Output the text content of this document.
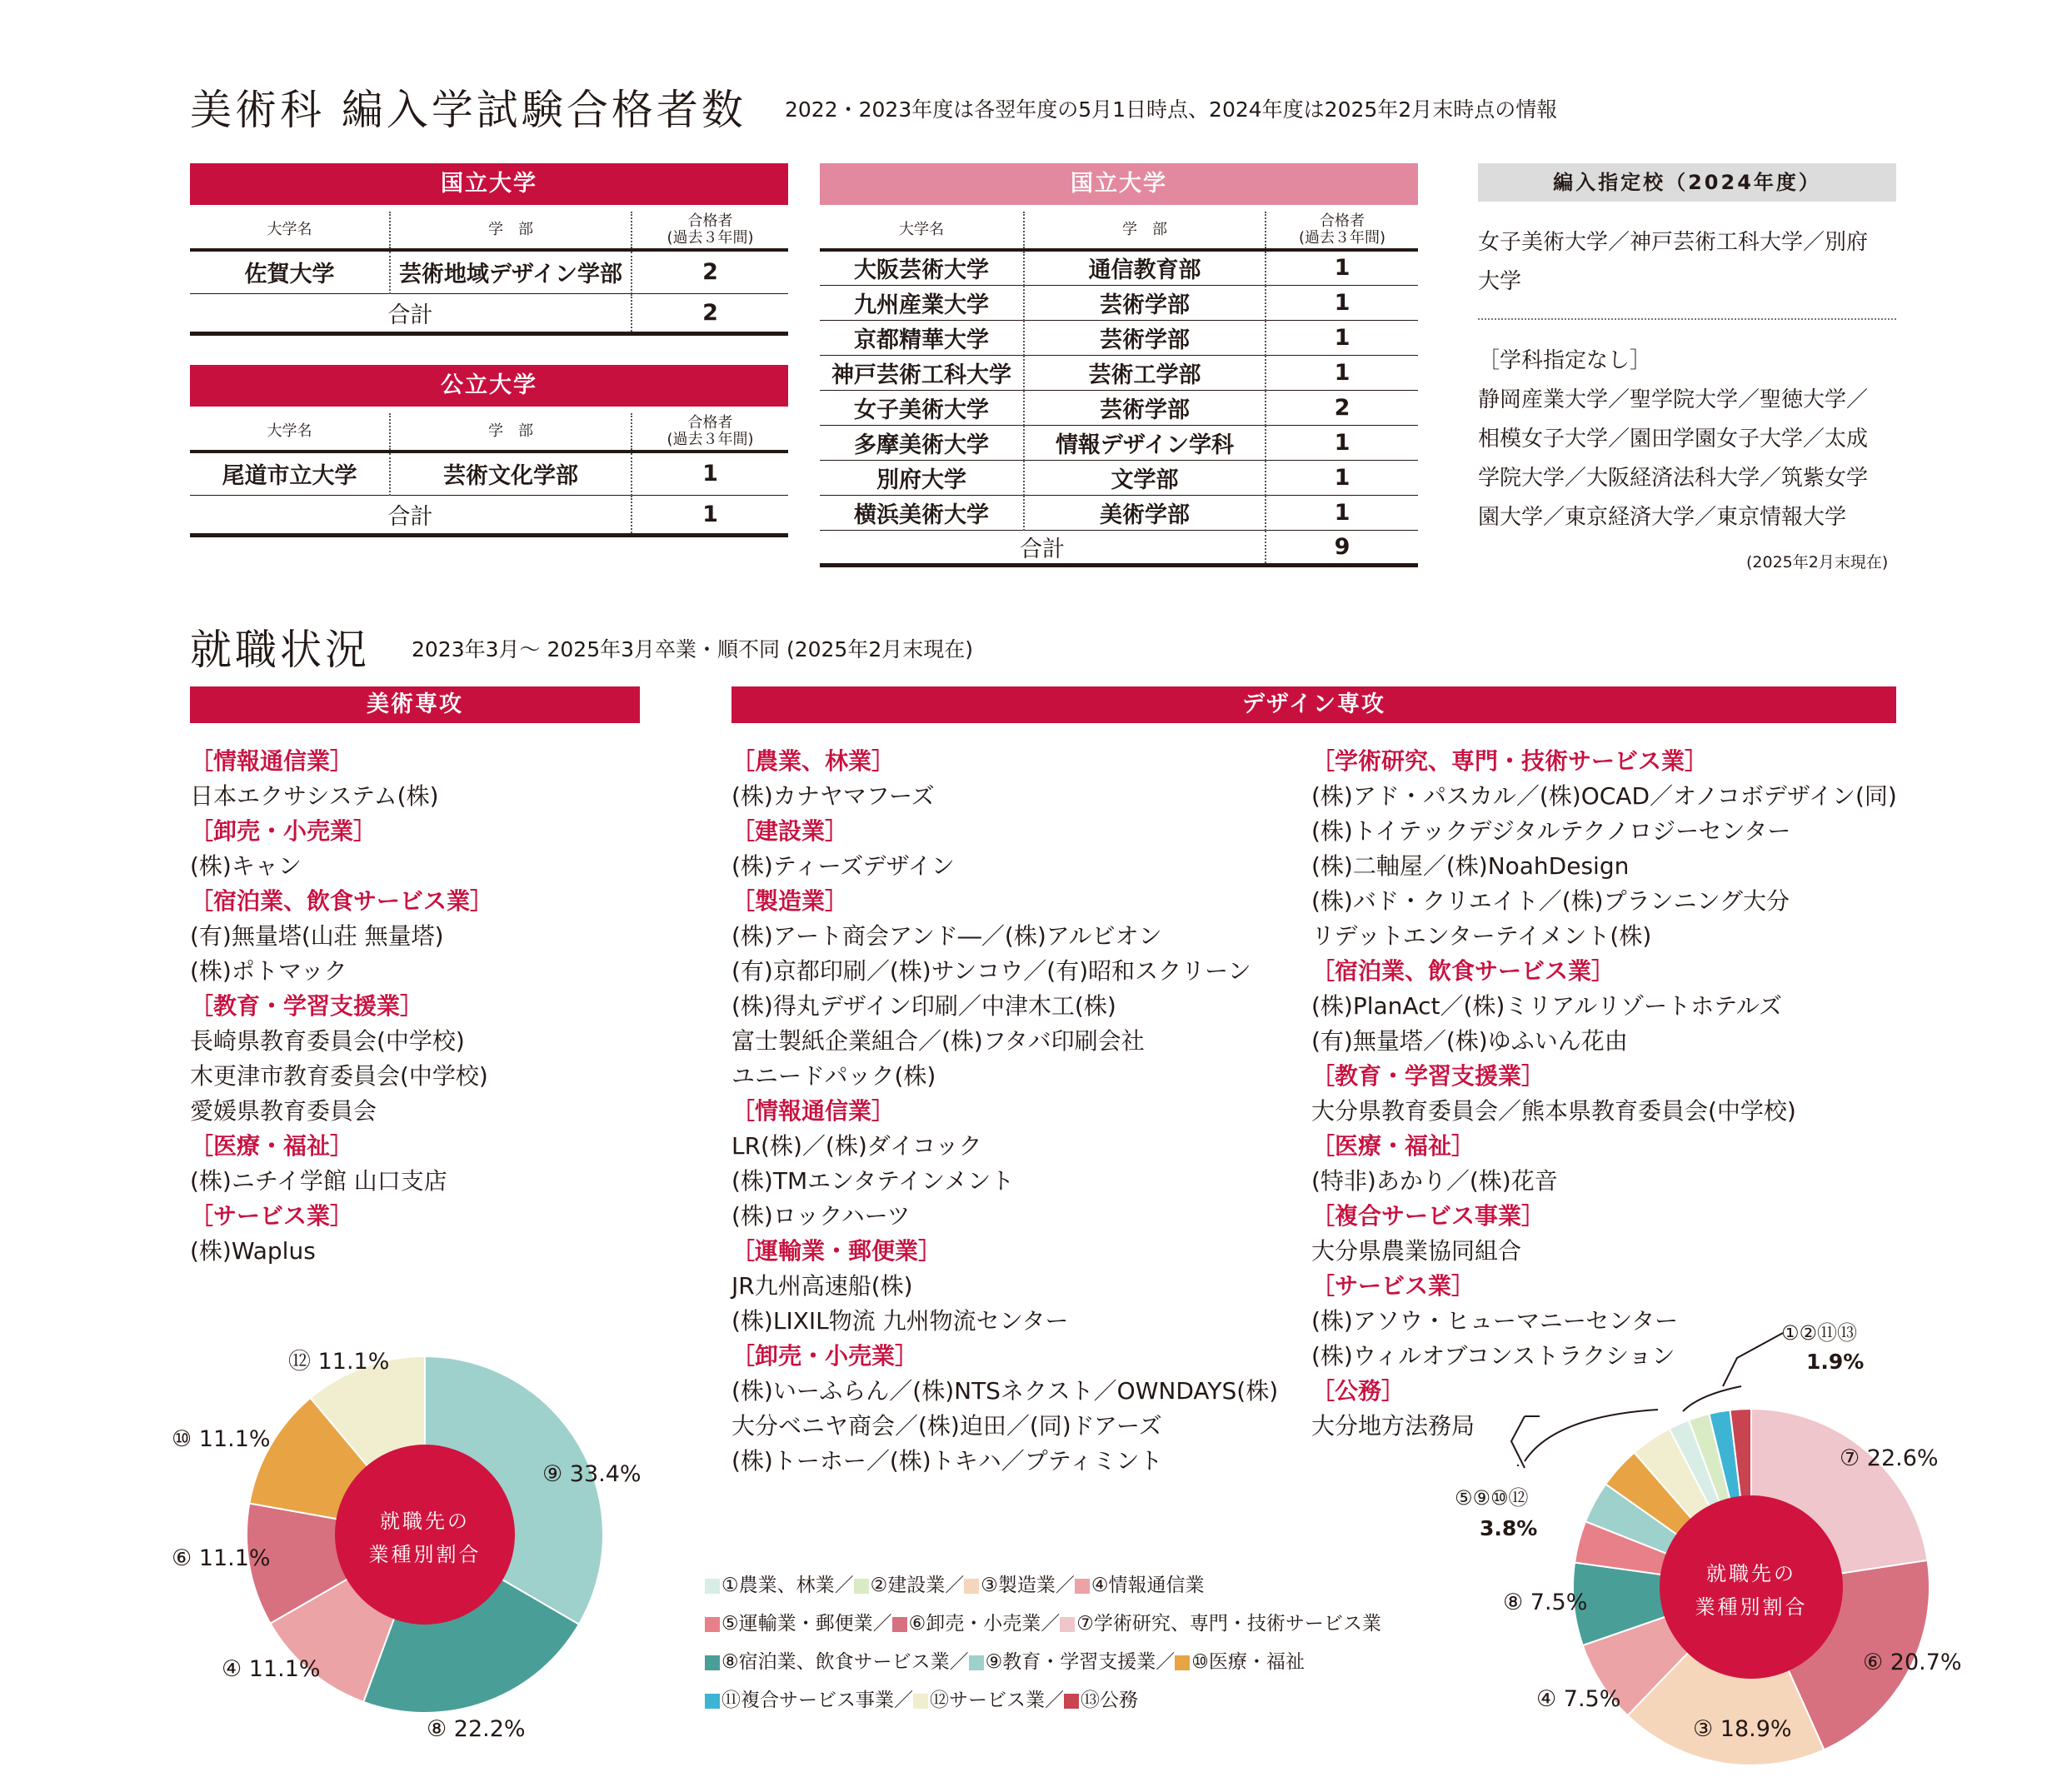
美術科 編入学試験合格者数 2022・2023年度は各翌年度の5月1日時点、2024年度は2025年2月末時点の情報
国立大学
大学名	学　部	合格者
(過去３年間)
佐賀大学	芸術地域デザイン学部	2
合計		2
公立大学
大学名	学　部	合格者
(過去３年間)
尾道市立大学	芸術文化学部	1
合計		1
国立大学
大学名	学　部	合格者
(過去３年間)
大阪芸術大学	通信教育部	1
九州産業大学	芸術学部	1
京都精華大学	芸術学部	1
神戸芸術工科大学	芸術工学部	1
女子美術大学	芸術学部	2
多摩美術大学	情報デザイン学科	1
別府大学	文学部	1
横浜美術大学	美術学部	1
合計		9
編入指定校（2024年度）
女子美術大学／神戸芸術工科大学／別府
大学
［学科指定なし］
静岡産業大学／聖学院大学／聖徳大学／
相模女子大学／園田学園女子大学／太成
学院大学／大阪経済法科大学／筑紫女学
園大学／東京経済大学／東京情報大学
(2025年2月末現在)
就職状況 2023年3月〜 2025年3月卒業・順不同 (2025年2月末現在)
美術専攻	デザイン専攻
［情報通信業］
日本エクサシステム(株)
［卸売・小売業］
(株)キャン
［宿泊業、飲食サービス業］
(有)無量塔(山荘 無量塔)
(株)ポトマック
［教育・学習支援業］
長崎県教育委員会(中学校)
木更津市教育委員会(中学校)
愛媛県教育委員会
［医療・福祉］
(株)ニチイ学館 山口支店
［サービス業］
(株)Waplus
［農業、林業］
(株)カナヤマフーズ
［建設業］
(株)ティーズデザイン
［製造業］
(株)アート商会アンド―／(株)アルビオン
(有)京都印刷／(株)サンコウ／(有)昭和スクリーン
(株)得丸デザイン印刷／中津木工(株)
富士製紙企業組合／(株)フタバ印刷会社
ユニードパック(株)
［情報通信業］
LR(株)／(株)ダイコック
(株)TMエンタテインメント
(株)ロックハーツ
［運輸業・郵便業］
JR九州高速船(株)
(株)LIXIL物流 九州物流センター
［卸売・小売業］
(株)いーふらん／(株)NTSネクスト／OWNDAYS(株)
大分ベニヤ商会／(株)迫田／(同)ドアーズ
(株)トーホー／(株)トキハ／プティミント
［学術研究、専門・技術サービス業］
(株)アド・パスカル／(株)OCAD／オノコボデザイン(同)
(株)トイテックデジタルテクノロジーセンター
(株)二軸屋／(株)NoahDesign
(株)バド・クリエイト／(株)プランニング大分
リデットエンターテイメント(株)
［宿泊業、飲食サービス業］
(株)PlanAct／(株)ミリアルリゾートホテルズ
(有)無量塔／(株)ゆふいん花由
［教育・学習支援業］
大分県教育委員会／熊本県教育委員会(中学校)
［医療・福祉］
(特非)あかり／(株)花音
［複合サービス事業］
大分県農業協同組合
［サービス業］
(株)アソウ・ヒューマニーセンター
(株)ウィルオブコンストラクション
［公務］
大分地方法務局
就職先の
業種別割合
就職先の
業種別割合
⑨ 33.4%
⑧ 22.2%
④ 11.1%
⑥ 11.1%
⑩ 11.1%
⑫ 11.1%
⑦ 22.6%
⑥ 20.7%
③ 18.9%
④ 7.5%
⑧ 7.5%
⑤⑨⑩⑫
3.8%
①②⑪⑬
1.9%
①農業、林業／ ②建設業／ ③製造業／ ④情報通信業
⑤運輸業・郵便業／ ⑥卸売・小売業／ ⑦学術研究、専門・技術サービス業
⑧宿泊業、飲食サービス業／ ⑨教育・学習支援業／ ⑩医療・福祉
⑪複合サービス事業／ ⑫サービス業／ ⑬公務
